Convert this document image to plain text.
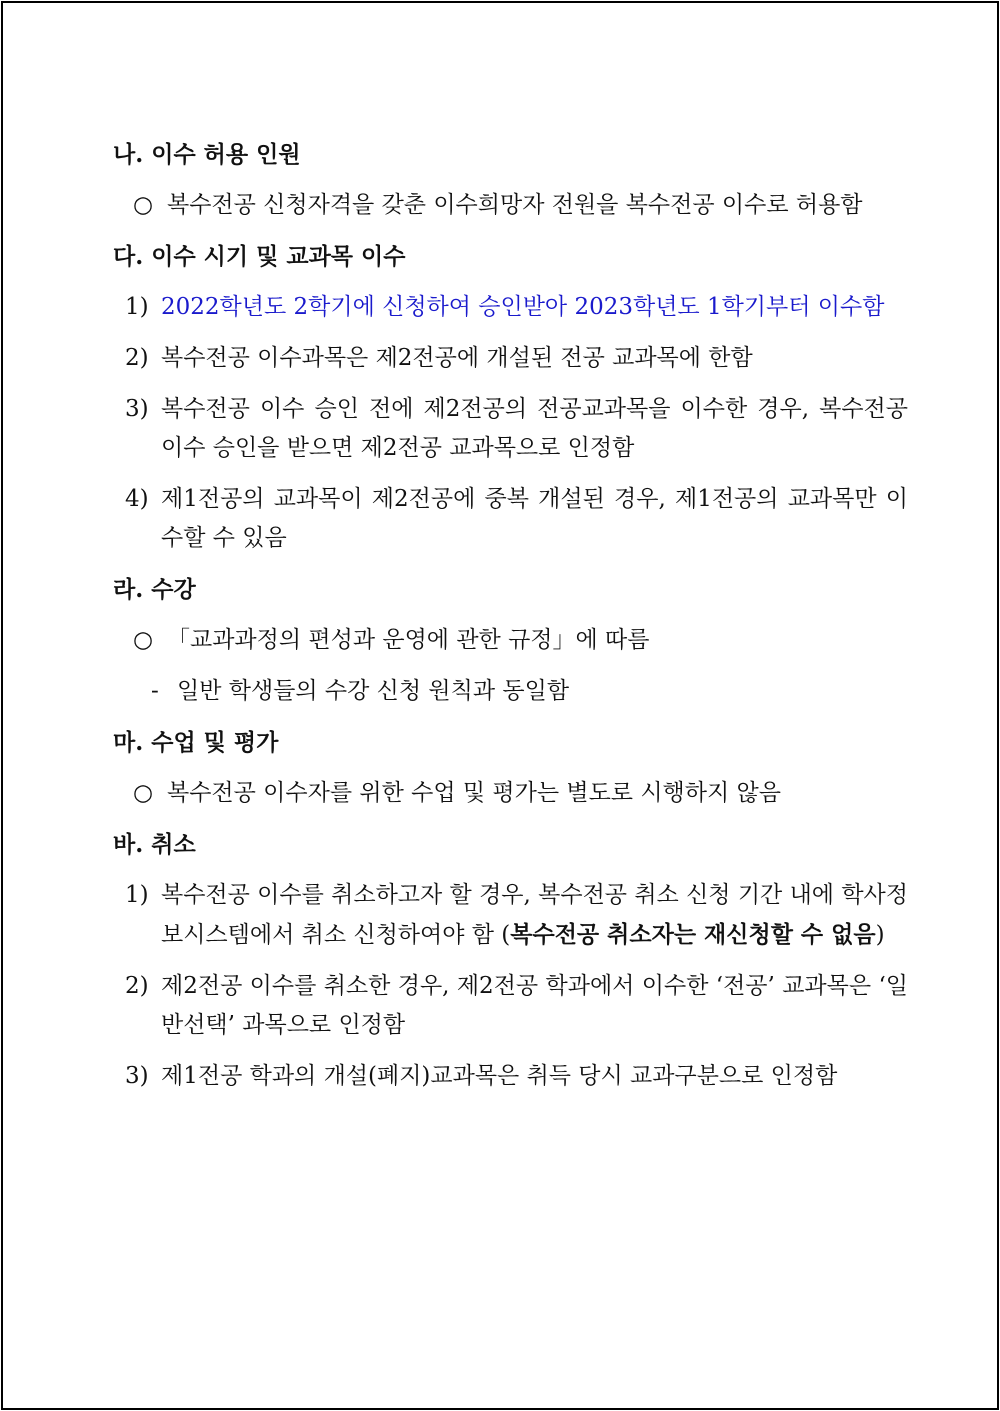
나. 이수 허용 인원
○ 복수전공 신청자격을 갖춘 이수희망자 전원을 복수전공 이수로 허용함
다. 이수 시기 및 교과목 이수
1) 2022학년도 2학기에 신청하여 승인받아 2023학년도 1학기부터 이수함
2) 복수전공 이수과목은 제2전공에 개설된 전공 교과목에 한함
3) 복수전공 이수 승인 전에 제2전공의 전공교과목을 이수한 경우, 복수전공 이수 승인을 받으면 제2전공 교과목으로 인정함
4) 제1전공의 교과목이 제2전공에 중복 개설된 경우, 제1전공의 교과목만 이수할 수 있음
라. 수강
○ 「교과과정의 편성과 운영에 관한 규정」에 따름
- 일반 학생들의 수강 신청 원칙과 동일함
마. 수업 및 평가
○ 복수전공 이수자를 위한 수업 및 평가는 별도로 시행하지 않음
바. 취소
1) 복수전공 이수를 취소하고자 할 경우, 복수전공 취소 신청 기간 내에 학사정보시스템에서 취소 신청하여야 함 (복수전공 취소자는 재신청할 수 없음)
2) 제2전공 이수를 취소한 경우, 제2전공 학과에서 이수한 ‘전공’ 교과목은 ‘일반선택’ 과목으로 인정함
3) 제1전공 학과의 개설(폐지)교과목은 취득 당시 교과구분으로 인정함
